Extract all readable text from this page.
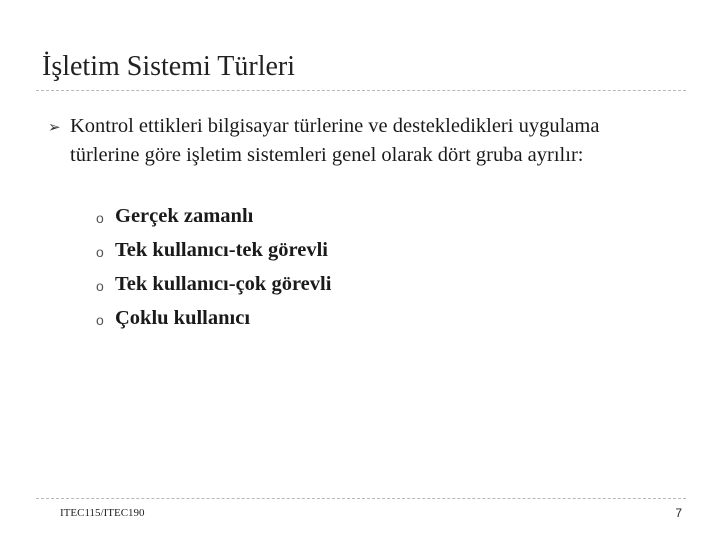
İşletim Sistemi Türleri
➢ Kontrol ettikleri bilgisayar türlerine ve destekledikleri uygulama türlerine göre işletim sistemleri genel olarak dört gruba ayrılır:
o Gerçek zamanlı
o Tek kullanıcı-tek görevli
o Tek kullanıcı-çok görevli
o Çoklu kullanıcı
ITEC115/ITEC190	7
